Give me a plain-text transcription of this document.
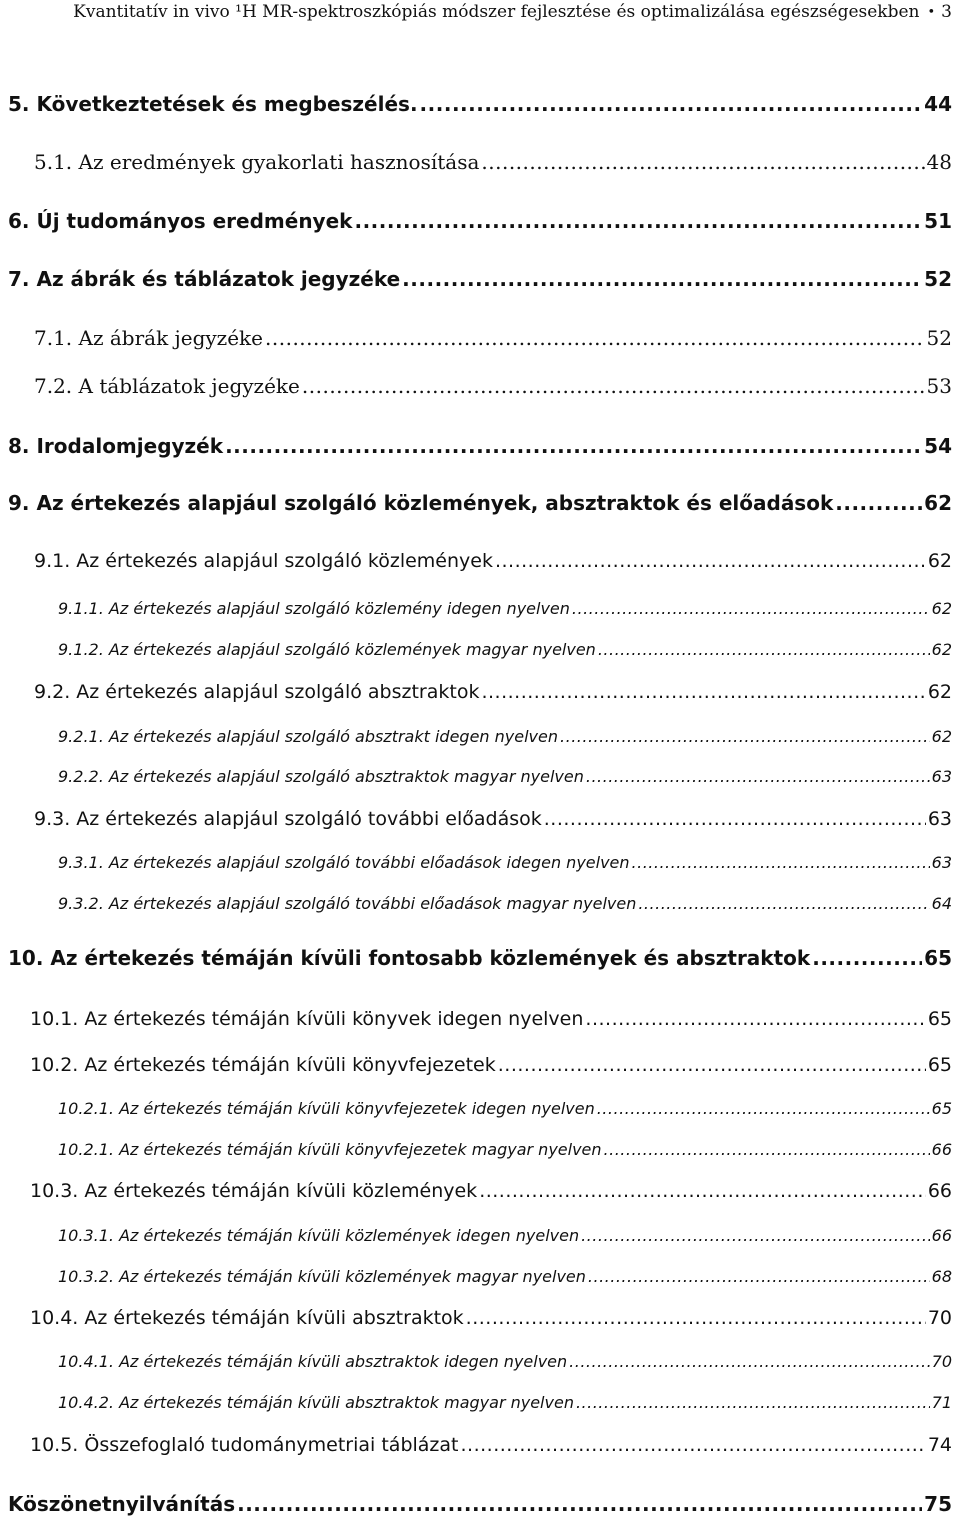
Kvantitatív in vivo ¹H MR-spektroszkópiás módszer fejlesztése és optimalizálása egészségesekben • 3
5. Következtetések és megbeszélés. .....	44
5.1. Az eredmények gyakorlati hasznosítása .....	48
6. Új tudományos eredmények .....	51
7. Az ábrák és táblázatok jegyzéke .....	52
7.1. Az ábrák jegyzéke .....	52
7.2. A táblázatok jegyzéke .....	53
8. Irodalomjegyzék .....	54
9. Az értekezés alapjául szolgáló közlemények, absztraktok és előadások .....	62
9.1. Az értekezés alapjául szolgáló közlemények .....	62
9.1.1. Az értekezés alapjául szolgáló közlemény idegen nyelven .....	62
9.1.2. Az értekezés alapjául szolgáló közlemények magyar nyelven .....	62
9.2. Az értekezés alapjául szolgáló absztraktok .....	62
9.2.1. Az értekezés alapjául szolgáló absztrakt idegen nyelven .....	62
9.2.2. Az értekezés alapjául szolgáló absztraktok magyar nyelven .....	63
9.3. Az értekezés alapjául szolgáló további előadások .....	63
9.3.1. Az értekezés alapjául szolgáló további előadások idegen nyelven .....	63
9.3.2. Az értekezés alapjául szolgáló további előadások magyar nyelven .....	64
10. Az értekezés témáján kívüli fontosabb közlemények és absztraktok .....	65
10.1. Az értekezés témáján kívüli könyvek idegen nyelven .....	65
10.2. Az értekezés témáján kívüli könyvfejezetek .....	65
10.2.1. Az értekezés témáján kívüli könyvfejezetek idegen nyelven .....	65
10.2.1. Az értekezés témáján kívüli könyvfejezetek magyar nyelven .....	66
10.3. Az értekezés témáján kívüli közlemények .....	66
10.3.1. Az értekezés témáján kívüli közlemények idegen nyelven .....	66
10.3.2. Az értekezés témáján kívüli közlemények magyar nyelven .....	68
10.4. Az értekezés témáján kívüli absztraktok .....	70
10.4.1. Az értekezés témáján kívüli absztraktok idegen nyelven .....	70
10.4.2. Az értekezés témáján kívüli absztraktok magyar nyelven .....	71
10.5. Összefoglaló tudománymetriai táblázat .....	74
Köszönetnyilvánítás .....	75
